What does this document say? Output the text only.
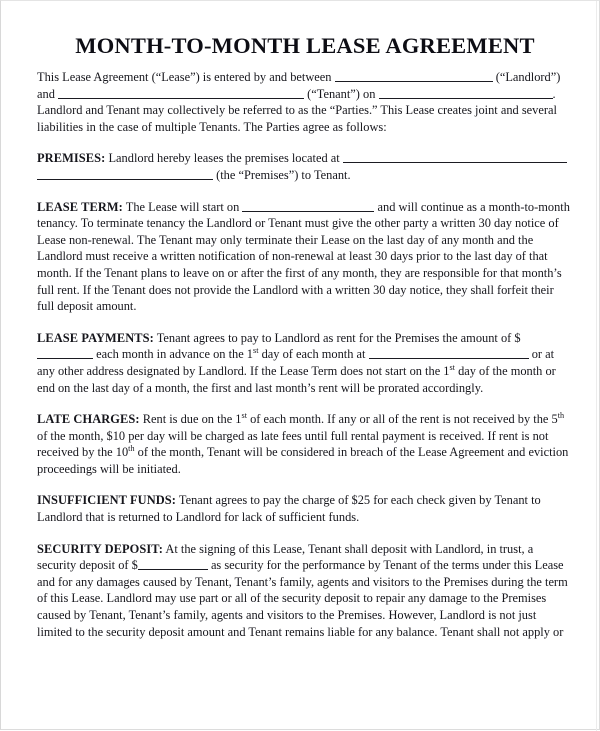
MONTH-TO-MONTH LEASE AGREEMENT

This Lease Agreement (“Lease”) is entered by and between	(“Landlord”) and	(“Tenant”) on	. Landlord and Tenant may collectively be referred to as the “Parties.” This Lease creates joint and several liabilities in the case of multiple Tenants. The Parties agree as follows:

PREMISES: Landlord hereby leases the premises located at   (the “Premises”) to Tenant.

LEASE TERM: The Lease will start on	and will continue as a month-to-month tenancy. To terminate tenancy the Landlord or Tenant must give the other party a written 30 day notice of Lease non-renewal. The Tenant may only terminate their Lease on the last day of any month and the Landlord must receive a written notification of non-renewal at least 30 days prior to the last day of that month. If the Tenant plans to leave on or after the first of any month, they are responsible for that month’s full rent. If the Tenant does not provide the Landlord with a written 30 day notice, they shall forfeit their full deposit amount.

LEASE PAYMENTS: Tenant agrees to pay to Landlord as rent for the Premises the amount of $ each month in advance on the 1st day of each month at	or at any other address designated by Landlord. If the Lease Term does not start on the 1st day of the month or end on the last day of a month, the first and last month’s rent will be prorated accordingly.

LATE CHARGES: Rent is due on the 1st of each month. If any or all of the rent is not received by the 5th of the month, $10 per day will be charged as late fees until full rental payment is received. If rent is not received by the 10th of the month, Tenant will be considered in breach of the Lease Agreement and eviction proceedings will be initiated.

INSUFFICIENT FUNDS: Tenant agrees to pay the charge of $25 for each check given by Tenant to Landlord that is returned to Landlord for lack of sufficient funds.

SECURITY DEPOSIT: At the signing of this Lease, Tenant shall deposit with Landlord, in trust, a security deposit of $	as security for the performance by Tenant of the terms under this Lease and for any damages caused by Tenant, Tenant’s family, agents and visitors to the Premises during the term of this Lease. Landlord may use part or all of the security deposit to repair any damage to the Premises caused by Tenant, Tenant’s family, agents and visitors to the Premises. However, Landlord is not just limited to the security deposit amount and Tenant remains liable for any balance. Tenant shall not apply or
